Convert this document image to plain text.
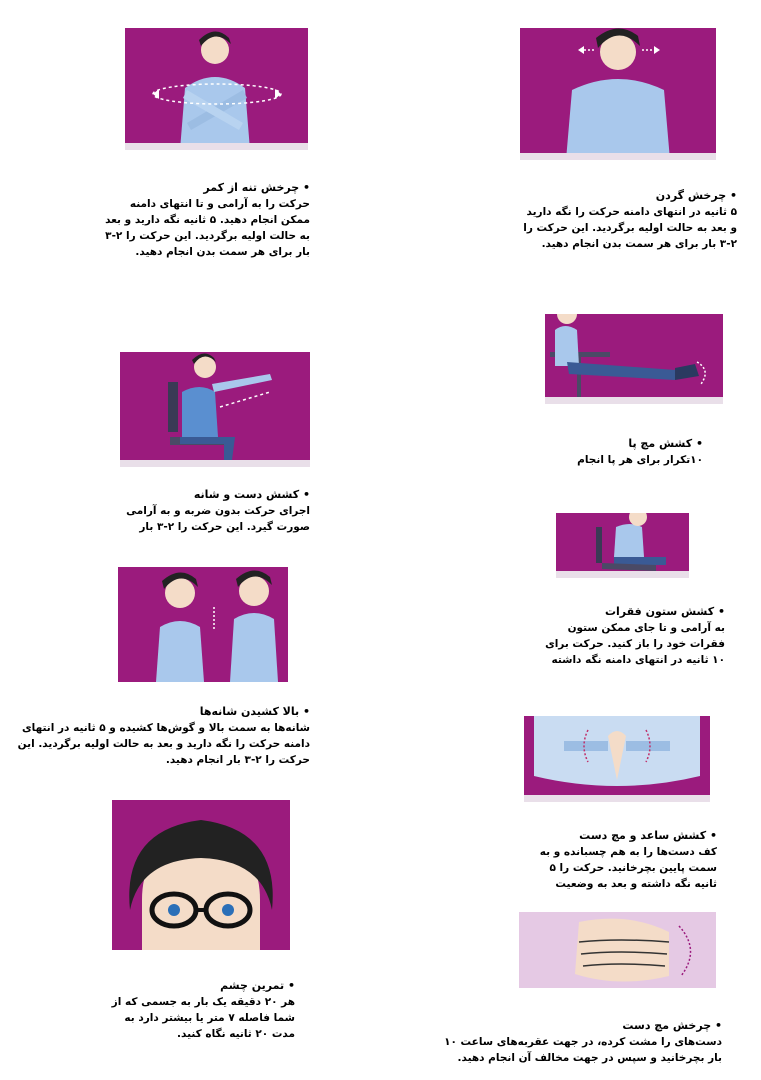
• چرخش تنه از کمر
حرکت را به آرامی و تا انتهای دامنه ممکن انجام دهید. ۵ ثانیه نگه دارید و بعد به حالت اولیه برگردید. این حرکت را ۲-۳ بار برای هر سمت بدن انجام دهید.
• کشش دست و شانه
اجرای حرکت بدون ضربه و به آرامی صورت گیرد. این حرکت را ۲-۳ بار
• بالا کشیدن شانه‌ها
شانه‌ها به سمت بالا و گوش‌ها کشیده و ۵ ثانیه در انتهای دامنه حرکت را نگه دارید و بعد به حالت اولیه برگردید. این حرکت را ۲-۳ بار انجام دهید.
• تمرین چشم
هر ۲۰ دقیقه یک بار به جسمی که از شما فاصله ۷ متر یا بیشتر دارد به مدت ۲۰ ثانیه نگاه کنید.
• چرخش گردن
۵ ثانیه در انتهای دامنه حرکت را نگه دارید و بعد به حالت اولیه برگردید. این حرکت را ۲-۳ بار برای هر سمت بدن انجام دهید.
• کشش مچ پا
۱۰تکرار برای هر پا انجام
• کشش ستون فقرات
به آرامی و تا جای ممکن ستون فقرات خود را باز کنید. حرکت برای ۱۰ ثانیه در انتهای دامنه نگه داشته
• کشش ساعد و مچ دست
کف دست‌ها را به هم چسبانده و به سمت پایین بچرخانید. حرکت را ۵ ثانیه نگه داشته و بعد به وضعیت
• چرخش مچ دست
دست‌های را مشت کرده، در جهت عقربه‌های ساعت ۱۰ بار بچرخانید و سپس در جهت مخالف آن انجام دهید.
